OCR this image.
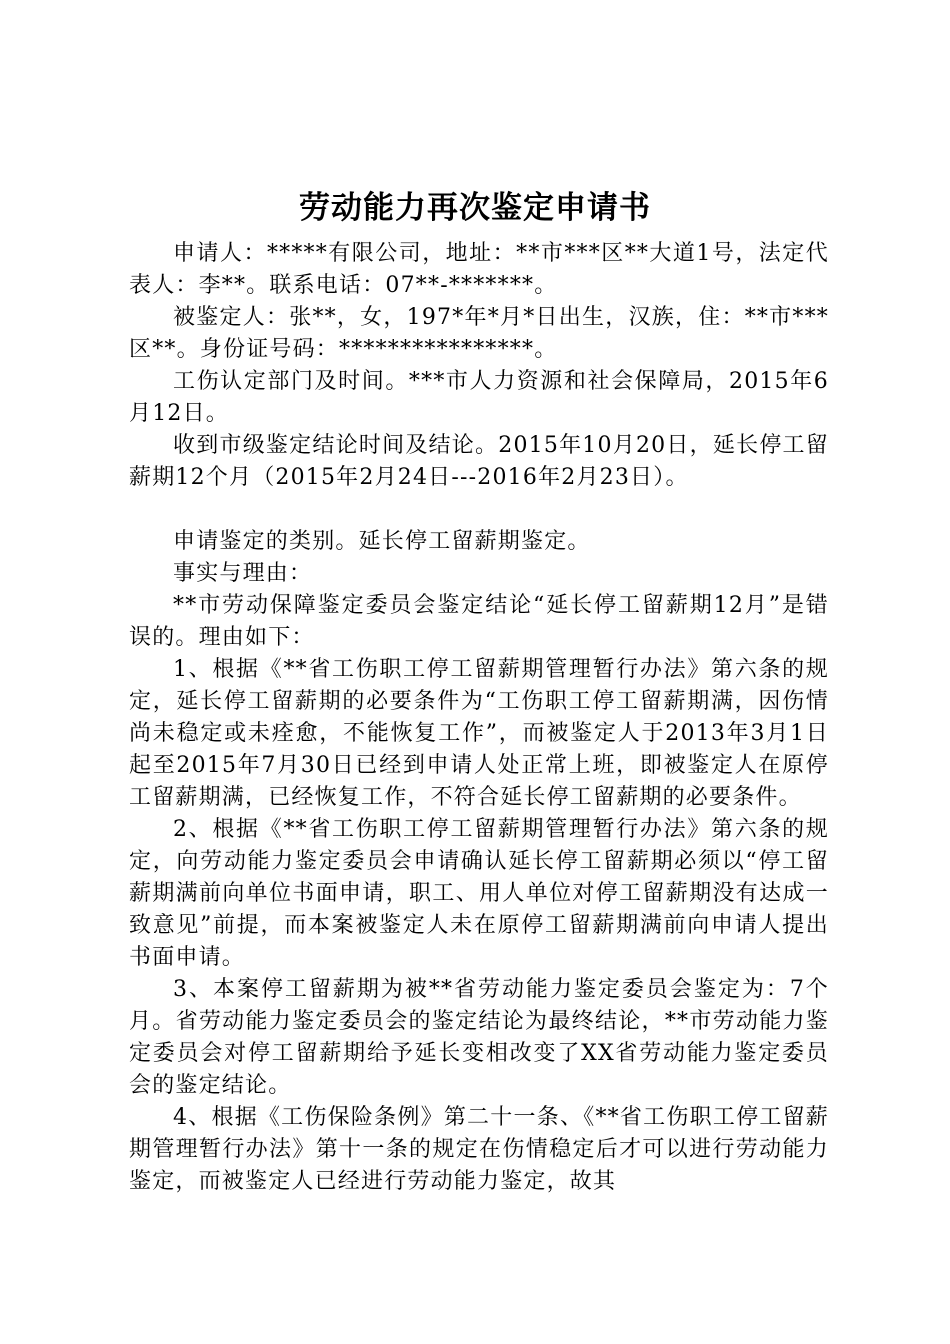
劳动能力再次鉴定申请书

申请人：*****有限公司，地址：**市***区**大道1号，法定代表人：李**。联系电话：07**-*******。

被鉴定人：张**，女，197*年*月*日出生，汉族，住：**市***区**。身份证号码：****************。

工伤认定部门及时间。***市人力资源和社会保障局，2015年6月12日。

收到市级鉴定结论时间及结论。2015年10月20日，延长停工留薪期12个月（2015年2月24日---2016年2月23日）。

申请鉴定的类别。延长停工留薪期鉴定。

事实与理由：

**市劳动保障鉴定委员会鉴定结论“延长停工留薪期12月”是错误的。理由如下：

1、根据《**省工伤职工停工留薪期管理暂行办法》第六条的规定，延长停工留薪期的必要条件为“工伤职工停工留薪期满，因伤情尚未稳定或未痊愈，不能恢复工作”，而被鉴定人于2013年3月1日起至2015年7月30日已经到申请人处正常上班，即被鉴定人在原停工留薪期满，已经恢复工作，不符合延长停工留薪期的必要条件。

2、根据《**省工伤职工停工留薪期管理暂行办法》第六条的规定，向劳动能力鉴定委员会申请确认延长停工留薪期必须以“停工留薪期满前向单位书面申请，职工、用人单位对停工留薪期没有达成一致意见”前提，而本案被鉴定人未在原停工留薪期满前向申请人提出书面申请。

3、本案停工留薪期为被**省劳动能力鉴定委员会鉴定为：7个月。省劳动能力鉴定委员会的鉴定结论为最终结论，**市劳动能力鉴定委员会对停工留薪期给予延长变相改变了XX省劳动能力鉴定委员会的鉴定结论。

4、根据《工伤保险条例》第二十一条、《**省工伤职工停工留薪期管理暂行办法》第十一条的规定在伤情稳定后才可以进行劳动能力鉴定，而被鉴定人已经进行劳动能力鉴定，故其
